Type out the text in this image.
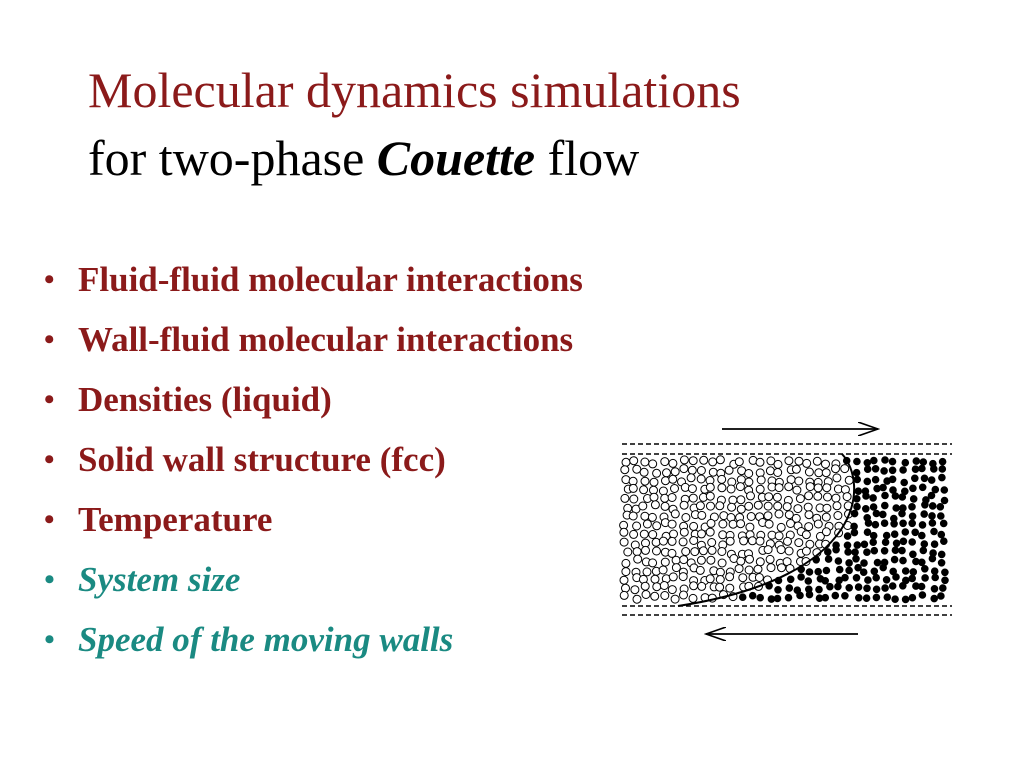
Molecular dynamics simulations
for two-phase Couette flow
• Fluid-fluid molecular interactions
• Wall-fluid molecular interactions
• Densities (liquid)
• Solid wall structure (fcc)
• Temperature
• System size
• Speed of the moving walls
